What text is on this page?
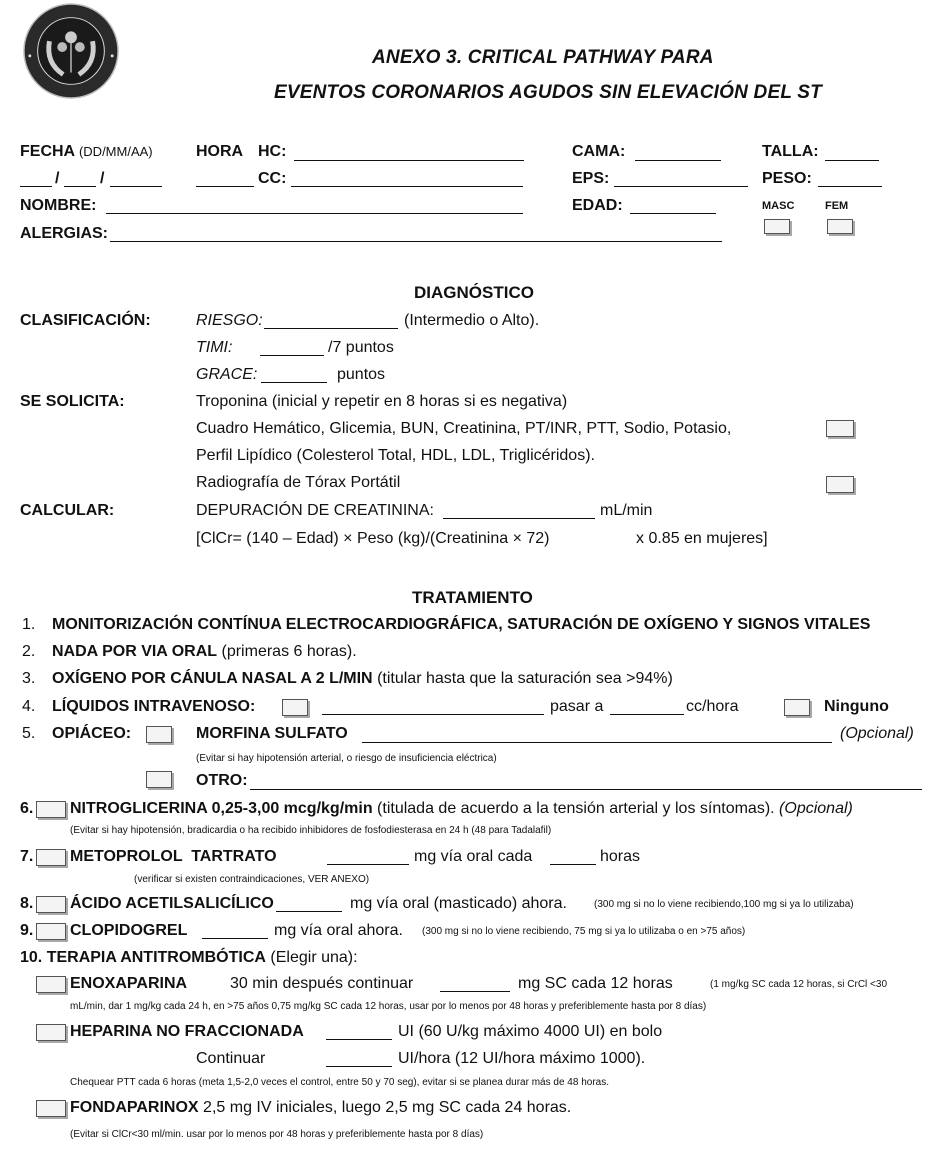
ANEXO 3. CRITICAL PATHWAY PARA
EVENTOS CORONARIOS AGUDOS SIN ELEVACIÓN DEL ST
FECHA (DD/MM/AA)	HORA HC:	CAMA:	TALLA:
/	/	CC:	EPS:	PESO:
NOMBRE:	EDAD:	MASC	FEM
ALERGIAS:
DIAGNÓSTICO
CLASIFICACIÓN:	RIESGO:	(Intermedio o Alto).
TIMI:	/7 puntos
GRACE:	puntos
SE SOLICITA:	Troponina (inicial y repetir en 8 horas si es negativa)
Cuadro Hemático, Glicemia, BUN, Creatinina, PT/INR, PTT, Sodio, Potasio,
Perfil Lipídico (Colesterol Total, HDL, LDL, Triglicéridos).
Radiografía de Tórax Portátil
CALCULAR:	DEPURACIÓN DE CREATININA:	mL/min
[ClCr= (140 – Edad) × Peso (kg)/(Creatinina × 72)	x 0.85 en mujeres]
TRATAMIENTO
1. MONITORIZACIÓN CONTÍNUA ELECTROCARDIOGRÁFICA, SATURACIÓN DE OXÍGENO Y SIGNOS VITALES
2. NADA POR VIA ORAL (primeras 6 horas).
3. OXÍGENO POR CÁNULA NASAL A 2 L/MIN (titular hasta que la saturación sea >94%)
4. LÍQUIDOS INTRAVENOSO:	pasar a	cc/hora	Ninguno
5. OPIÁCEO:	MORFINA SULFATO	(Opcional)
(Evitar si hay hipotensión arterial, o riesgo de insuficiencia eléctrica)
OTRO:
6. NITROGLICERINA 0,25-3,00 mcg/kg/min (titulada de acuerdo a la tensión arterial y los síntomas). (Opcional)
(Evitar si hay hipotensión, bradicardia o ha recibido inhibidores de fosfodiesterasa en 24 h (48 para Tadalafil)
7. METOPROLOL  TARTRATO	mg vía oral cada	horas
(verificar si existen contraindicaciones, VER ANEXO)
8. ÁCIDO ACETILSALICÍLICO	mg vía oral (masticado) ahora.	(300 mg si no lo viene recibiendo,100 mg si ya lo utilizaba)
9. CLOPIDOGREL	mg vía oral ahora. (300 mg si no lo viene recibiendo, 75 mg si ya lo utilizaba o en >75 años)
10. TERAPIA ANTITROMBÓTICA (Elegir una):
ENOXAPARINA	30 min después continuar	mg SC cada 12 horas	(1 mg/kg SC cada 12 horas, si CrCl <30
mL/min, dar 1 mg/kg cada 24 h, en >75 años 0,75 mg/kg SC cada 12 horas, usar por lo menos por 48 horas y preferiblemente hasta por 8 días)
HEPARINA NO FRACCIONADA	UI (60 U/kg máximo 4000 UI) en bolo
Continuar	UI/hora (12 UI/hora máximo 1000).
Chequear PTT cada 6 horas (meta 1,5-2,0 veces el control, entre 50 y 70 seg), evitar si se planea durar más de 48 horas.
FONDAPARINOX 2,5 mg IV iniciales, luego 2,5 mg SC cada 24 horas.
(Evitar si ClCr<30 ml/min. usar por lo menos por 48 horas y preferiblemente hasta por 8 días)
